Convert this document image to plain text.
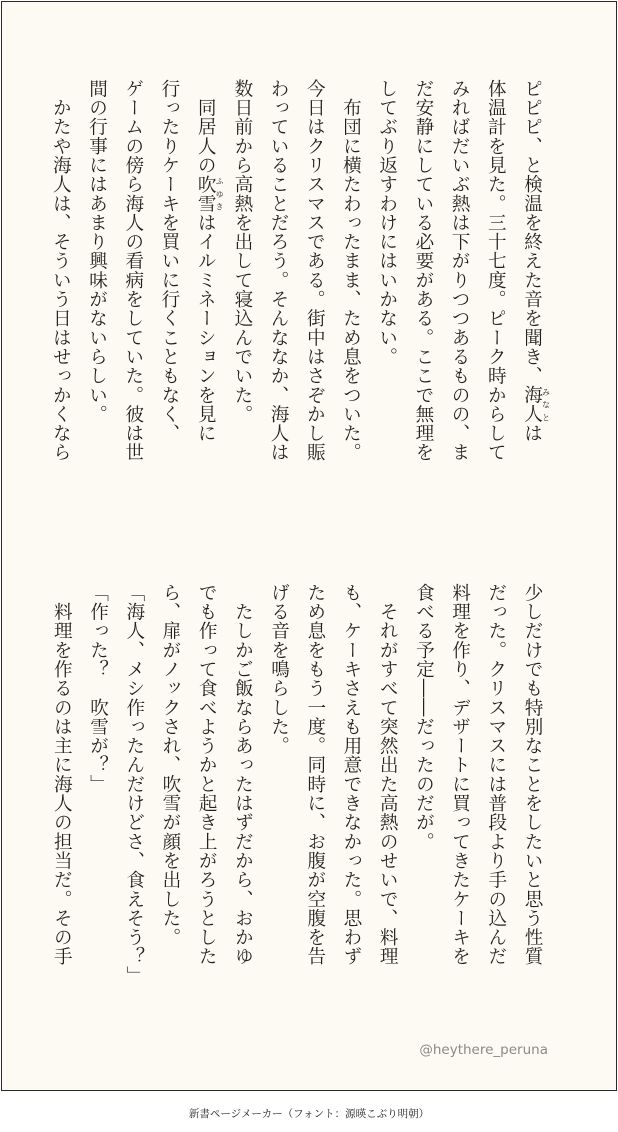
ピピピ、と検温を終えた音を聞き、海人 みなとは
体温計を見た。三十七度。ピーク時からして
みればだいぶ熱は下がりつつあるものの、ま
だ安静にしている必要がある。ここで無理を
してぶり返すわけにはいかない。
　布団に横たわったまま、ため息をついた。
今日はクリスマスである。街中はさぞかし賑
わっていることだろう。そんななか、海人は
数日前から高熱を出して寝込んでいた。
　同居人の吹雪 ふゆきはイルミネーションを見に
行ったりケーキを買いに行くこともなく、
ゲームの傍ら海人の看病をしていた。彼は世
間の行事にはあまり興味がないらしい。
　かたや海人は、そういう日はせっかくなら
少しだけでも特別なことをしたいと思う性質
だった。クリスマスには普段より手の込んだ
料理を作り、デザートに買ってきたケーキを
食べる予定――だったのだが。
　それがすべて突然出た高熱のせいで、料理
も、ケーキさえも用意できなかった。思わず
ため息をもう一度。同時に、お腹が空腹を告
げる音を鳴らした。
　たしかご飯ならあったはずだから、おかゆ
でも作って食べようかと起き上がろうとした
ら、扉がノックされ、吹雪が顔を出した。
「海人、メシ作ったんだけどさ、食えそう？」
「作った？　吹雪が？」
　料理を作るのは主に海人の担当だ。その手
@heythere_peruna
新書ページメーカー（フォント：源暎こぶり明朝）
